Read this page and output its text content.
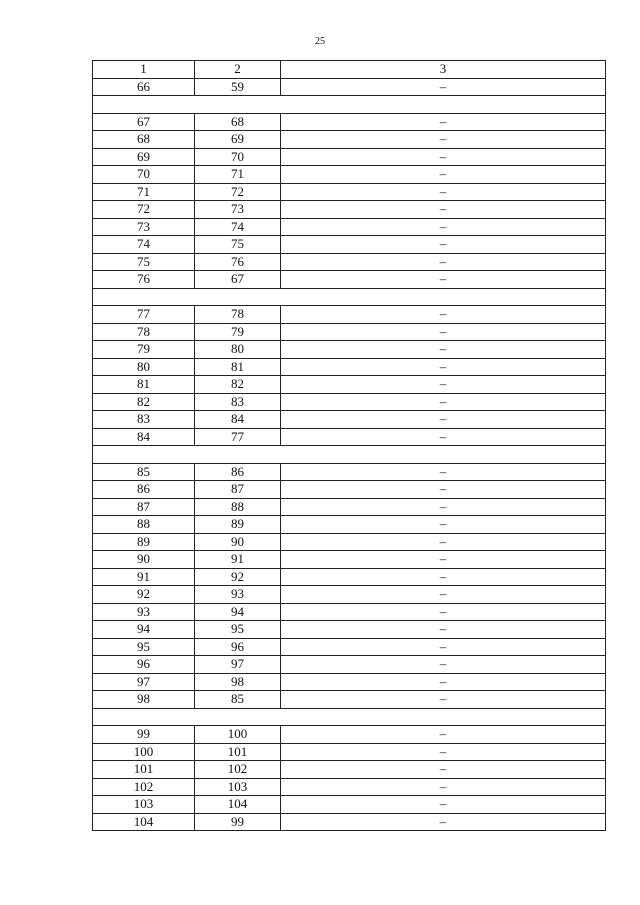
25
1	2	3
66	59	–

67	68	–
68	69	–
69	70	–
70	71	–
71	72	–
72	73	–
73	74	–
74	75	–
75	76	–
76	67	–

77	78	–
78	79	–
79	80	–
80	81	–
81	82	–
82	83	–
83	84	–
84	77	–

85	86	–
86	87	–
87	88	–
88	89	–
89	90	–
90	91	–
91	92	–
92	93	–
93	94	–
94	95	–
95	96	–
96	97	–
97	98	–
98	85	–

99	100	–
100	101	–
101	102	–
102	103	–
103	104	–
104	99	–
